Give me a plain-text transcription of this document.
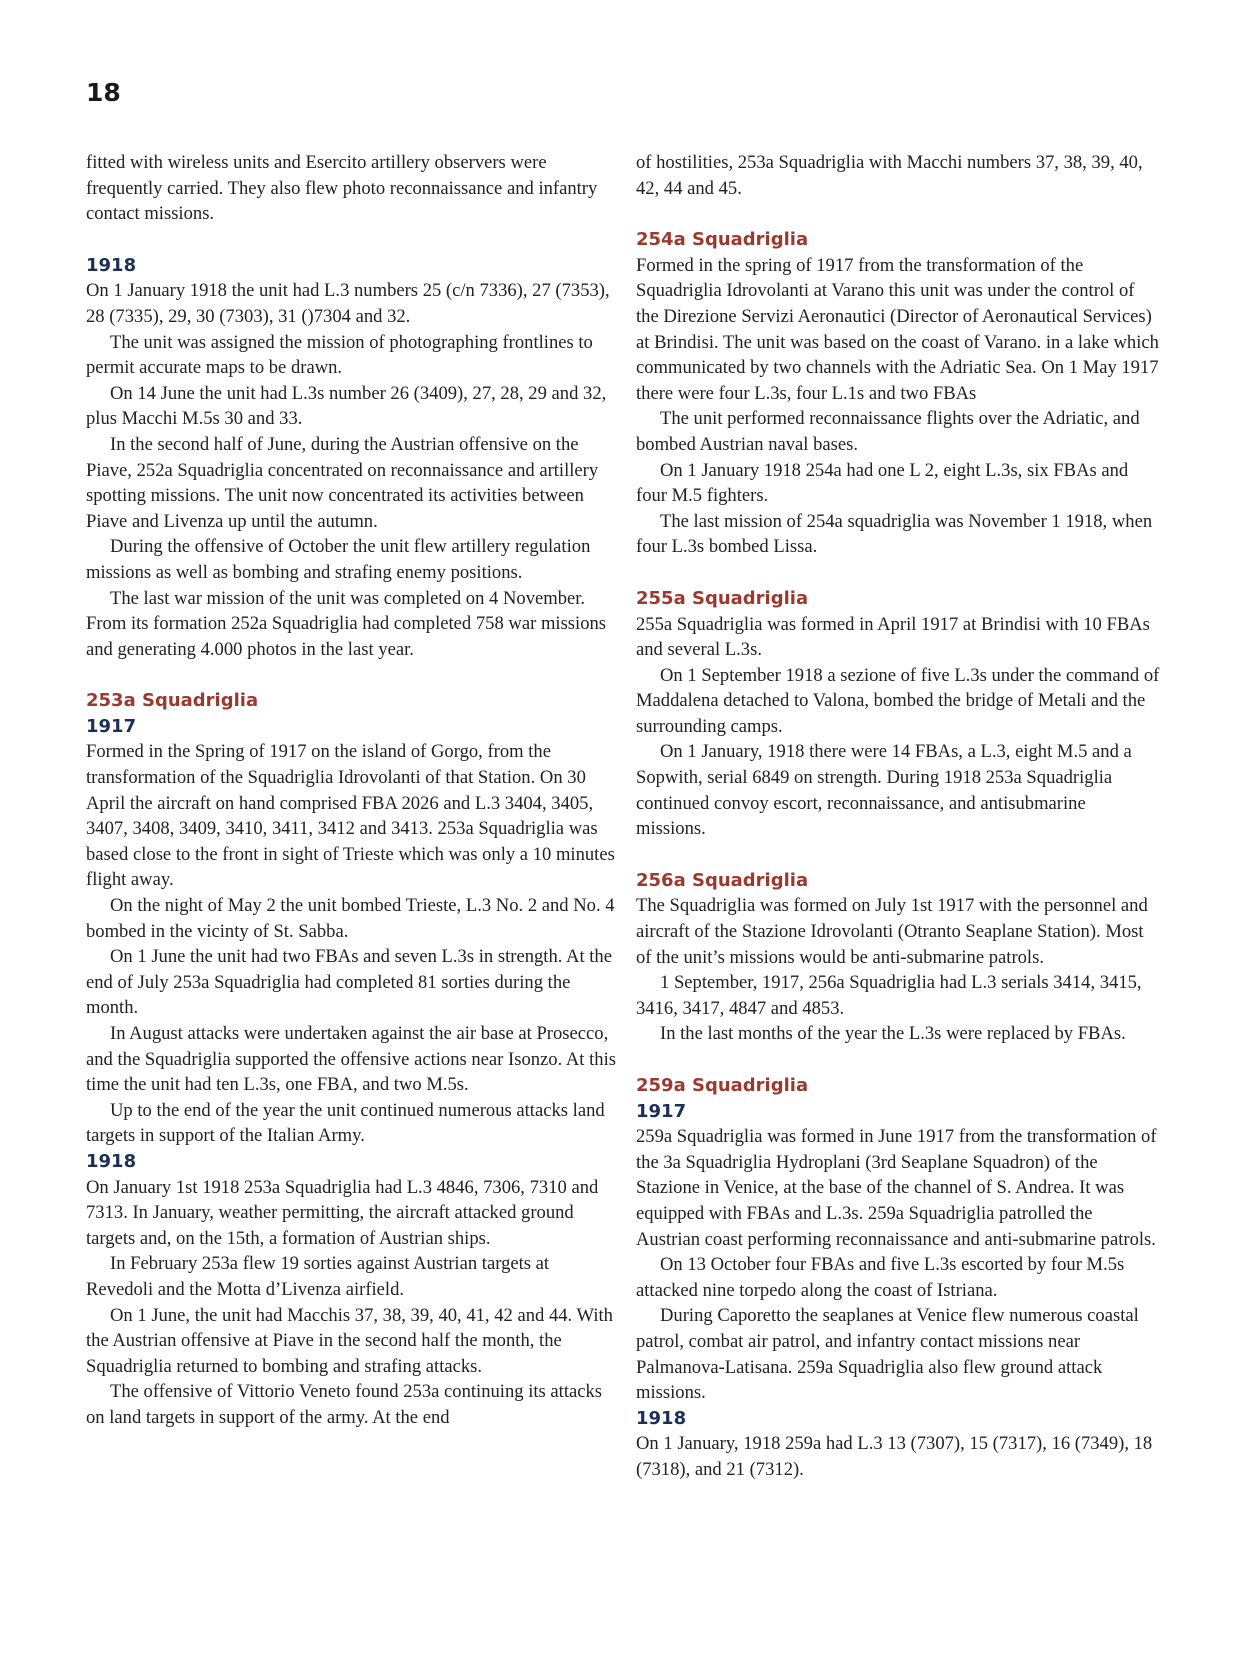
18

fitted with wireless units and Esercito artillery observers were frequently carried. They also flew photo reconnaissance and infantry contact missions.

1918

On 1 January 1918 the unit had L.3 numbers 25 (c/n 7336), 27 (7353), 28 (7335), 29, 30 (7303), 31 ()7304 and 32.

The unit was assigned the mission of photographing frontlines to permit accurate maps to be drawn.

On 14 June the unit had L.3s number 26 (3409), 27, 28, 29 and 32, plus Macchi M.5s 30 and 33.

In the second half of June, during the Austrian offensive on the Piave, 252a Squadriglia concentrated on reconnaissance and artillery spotting missions. The unit now concentrated its activities between Piave and Livenza up until the autumn.

During the offensive of October the unit flew artillery regulation missions as well as bombing and strafing enemy positions.

The last war mission of the unit was completed on 4 November. From its formation 252a Squadriglia had completed 758 war missions and generating 4.000 photos in the last year.

253a Squadriglia
1917

Formed in the Spring of 1917 on the island of Gorgo, from the transformation of the Squadriglia Idrovolanti of that Station. On 30 April the aircraft on hand comprised FBA 2026 and L.3 3404, 3405, 3407, 3408, 3409, 3410, 3411, 3412 and 3413. 253a Squadriglia was based close to the front in sight of Trieste which was only a 10 minutes flight away.

On the night of May 2 the unit bombed Trieste, L.3 No. 2 and No. 4 bombed in the vicinty of St. Sabba.

On 1 June the unit had two FBAs and seven L.3s in strength. At the end of July 253a Squadriglia had completed 81 sorties during the month.

In August attacks were undertaken against the air base at Prosecco, and the Squadriglia supported the offensive actions near Isonzo. At this time the unit had ten L.3s, one FBA, and two M.5s.

Up to the end of the year the unit continued numerous attacks land targets in support of the Italian Army.

1918

On January 1st 1918 253a Squadriglia had L.3 4846, 7306, 7310 and 7313. In January, weather permitting, the aircraft attacked ground targets and, on the 15th, a formation of Austrian ships.

In February 253a flew 19 sorties against Austrian targets at Revedoli and the Motta d’Livenza airfield.

On 1 June, the unit had Macchis 37, 38, 39, 40, 41, 42 and 44. With the Austrian offensive at Piave in the second half the month, the Squadriglia returned to bombing and strafing attacks.

The offensive of Vittorio Veneto found 253a continuing its attacks on land targets in support of the army. At the end

of hostilities, 253a Squadriglia with Macchi numbers 37, 38, 39, 40, 42, 44 and 45.

254a Squadriglia

Formed in the spring of 1917 from the transformation of the Squadriglia Idrovolanti at Varano this unit was under the control of the Direzione Servizi Aeronautici (Director of Aeronautical Services) at Brindisi. The unit was based on the coast of Varano. in a lake which communicated by two channels with the Adriatic Sea. On 1 May 1917 there were four L.3s, four L.1s and two FBAs

The unit performed reconnaissance flights over the Adriatic, and bombed Austrian naval bases.

On 1 January 1918 254a had one L 2, eight L.3s, six FBAs and four M.5 fighters.

The last mission of 254a squadriglia was November 1 1918, when four L.3s bombed Lissa.

255a Squadriglia

255a Squadriglia was formed in April 1917 at Brindisi with 10 FBAs and several L.3s.

On 1 September 1918 a sezione of five L.3s under the command of Maddalena detached to Valona, bombed the bridge of Metali and the surrounding camps.

On 1 January, 1918 there were 14 FBAs, a L.3, eight M.5 and a Sopwith, serial 6849 on strength. During 1918 253a Squadriglia continued convoy escort, reconnaissance, and antisubmarine missions.

256a Squadriglia

The Squadriglia was formed on July 1st 1917 with the personnel and aircraft of the Stazione Idrovolanti (Otranto Seaplane Station). Most of the unit’s missions would be anti-submarine patrols.

1 September, 1917, 256a Squadriglia had L.3 serials 3414, 3415, 3416, 3417, 4847 and 4853.

In the last months of the year the L.3s were replaced by FBAs.

259a Squadriglia
1917

259a Squadriglia was formed in June 1917 from the transformation of the 3a Squadriglia Hydroplani (3rd Seaplane Squadron) of the Stazione in Venice, at the base of the channel of S. Andrea. It was equipped with FBAs and L.3s. 259a Squadriglia patrolled the Austrian coast performing reconnaissance and anti-submarine patrols.

On 13 October four FBAs and five L.3s escorted by four M.5s attacked nine torpedo along the coast of Istriana.

During Caporetto the seaplanes at Venice flew numerous coastal patrol, combat air patrol, and infantry contact missions near Palmanova-Latisana. 259a Squadriglia also flew ground attack missions.

1918

On 1 January, 1918 259a had L.3 13 (7307), 15 (7317), 16 (7349), 18 (7318), and 21 (7312).
